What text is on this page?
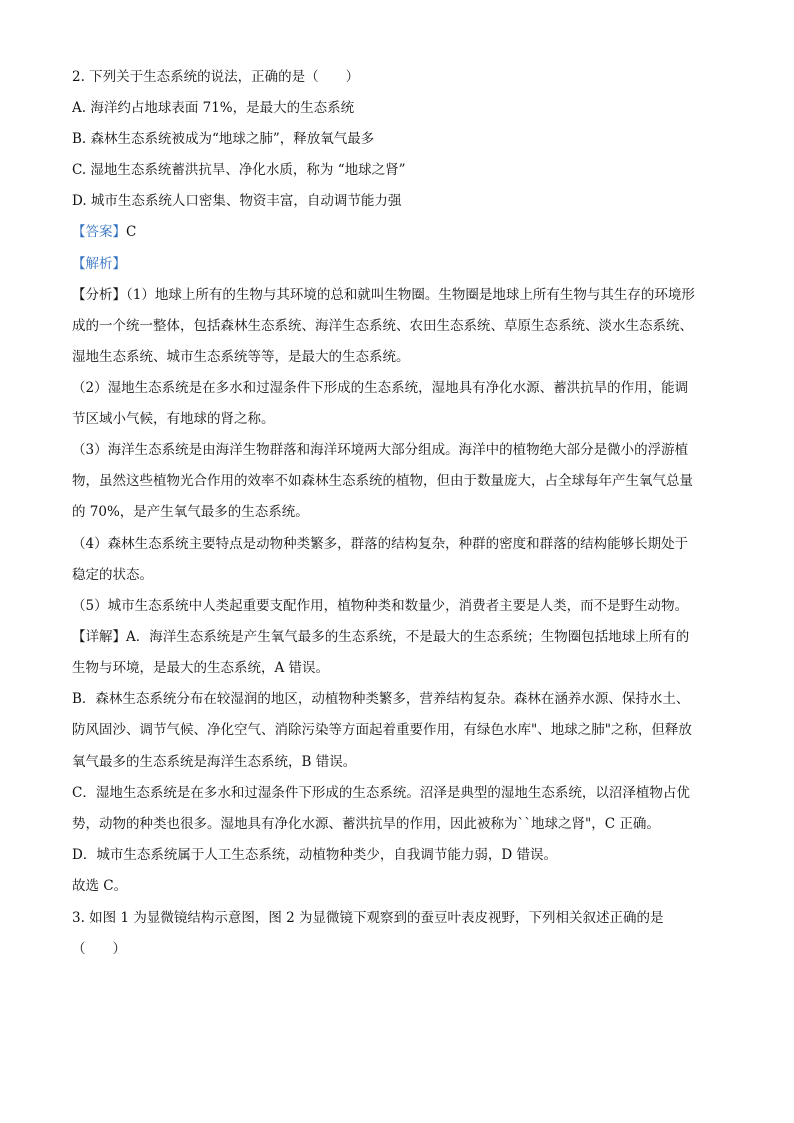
2. 下列关于生态系统的说法，正确的是（　　）
A. 海洋约占地球表面 71%，是最大的生态系统
B. 森林生态系统被成为“地球之肺”，释放氧气最多
C. 湿地生态系统蓄洪抗旱、净化水质，称为 “地球之肾”
D. 城市生态系统人口密集、物资丰富，自动调节能力强
【答案】C
【解析】
【分析】（1）地球上所有的生物与其环境的总和就叫生物圈。生物圈是地球上所有生物与其生存的环境形
成的一个统一整体，包括森林生态系统、海洋生态系统、农田生态系统、草原生态系统、淡水生态系统、
湿地生态系统、城市生态系统等等，是最大的生态系统。
（2）湿地生态系统是在多水和过湿条件下形成的生态系统，湿地具有净化水源、蓄洪抗旱的作用，能调
节区域小气候，有地球的肾之称。
（3）海洋生态系统是由海洋生物群落和海洋环境两大部分组成。海洋中的植物绝大部分是微小的浮游植
物，虽然这些植物光合作用的效率不如森林生态系统的植物，但由于数量庞大，占全球每年产生氧气总量
的 70%，是产生氧气最多的生态系统。
（4）森林生态系统主要特点是动物种类繁多，群落的结构复杂，种群的密度和群落的结构能够长期处于
稳定的状态。
（5）城市生态系统中人类起重要支配作用，植物种类和数量少，消费者主要是人类，而不是野生动物。
【详解】A．海洋生态系统是产生氧气最多的生态系统，不是最大的生态系统；生物圈包括地球上所有的
生物与环境，是最大的生态系统，A 错误。
B．森林生态系统分布在较湿润的地区，动植物种类繁多，营养结构复杂。森林在涵养水源、保持水土、
防风固沙、调节气候、净化空气、消除污染等方面起着重要作用，有绿色水库"、地球之肺"之称，但释放
氧气最多的生态系统是海洋生态系统，B 错误。
C．湿地生态系统是在多水和过湿条件下形成的生态系统。沼泽是典型的湿地生态系统，以沼泽植物占优
势，动物的种类也很多。湿地具有净化水源、蓄洪抗旱的作用，因此被称为``地球之肾"，C 正确。
D．城市生态系统属于人工生态系统，动植物种类少，自我调节能力弱，D 错误。
故选 C。
3. 如图 1 为显微镜结构示意图，图 2 为显微镜下观察到的蚕豆叶表皮视野，下列相关叙述正确的是
（　　）
